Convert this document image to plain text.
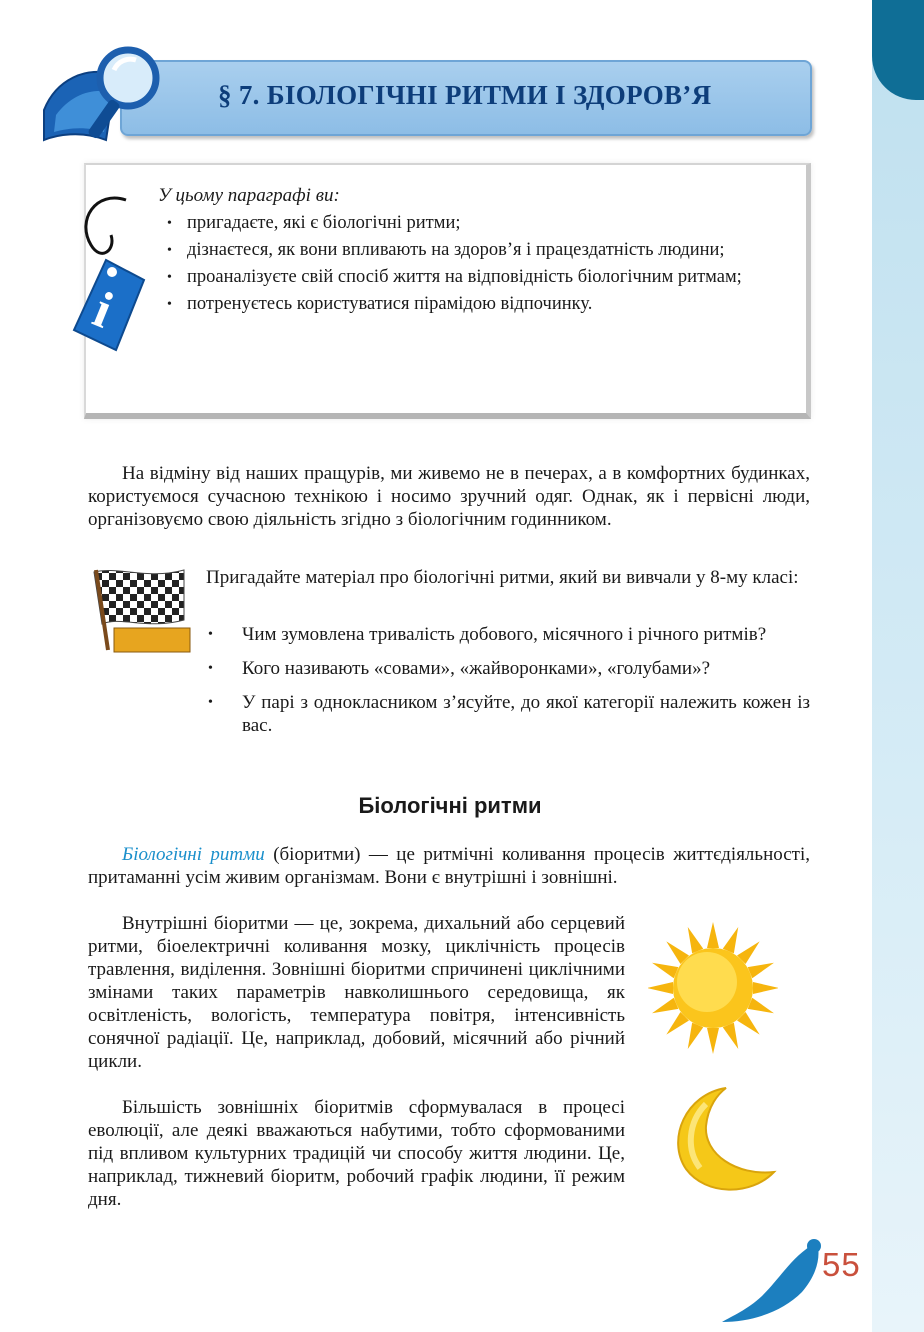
§ 7. БІОЛОГІЧНІ РИТМИ І ЗДОРОВ’Я
i
У цьому параграфі ви:
• пригадаєте, які є біологічні ритми;
• дізнаєтеся, як вони впливають на здоров’я і працездатність людини;
• проаналізуєте свій спосіб життя на відповідність біологічним ритмам;
• потренуєтесь користуватися пірамідою відпочинку.

На відміну від наших пращурів, ми живемо не в печерах, а в комфортних будинках, користуємося сучасною технікою і носимо зручний одяг. Однак, як і первісні люди, організовуємо свою діяльність згідно з біологічним годинником.

Пригадайте матеріал про біологічні ритми, який ви вивчали у 8-му класі:

• Чим зумовлена тривалість добового, місячного і річного ритмів?
• Кого називають «совами», «жайворонками», «голубами»?
• У парі з однокласником з’ясуйте, до якої категорії належить кожен із вас.
Біологічні ритми

Біологічні ритми (біоритми) — це ритмічні коливання процесів життєдіяльності, притаманні усім живим організмам. Вони є внутрішні і зовнішні.

Внутрішні біоритми — це, зокрема, дихальний або серцевий ритми, біоелектричні коливання мозку, циклічність процесів травлення, виділення. Зовнішні біоритми спричинені циклічними змінами таких параметрів навколишнього середовища, як освітленість, вологість, температура повітря, інтенсивність сонячної радіації. Це, наприклад, добовий, місячний або річний цикли.

Більшість зовнішніх біоритмів сформувалася в процесі еволюції, але деякі вважаються набутими, тобто сформованими під впливом культурних традицій чи способу життя людини. Це, наприклад, тижневий біоритм, робочий графік людини, її режим дня.

55
